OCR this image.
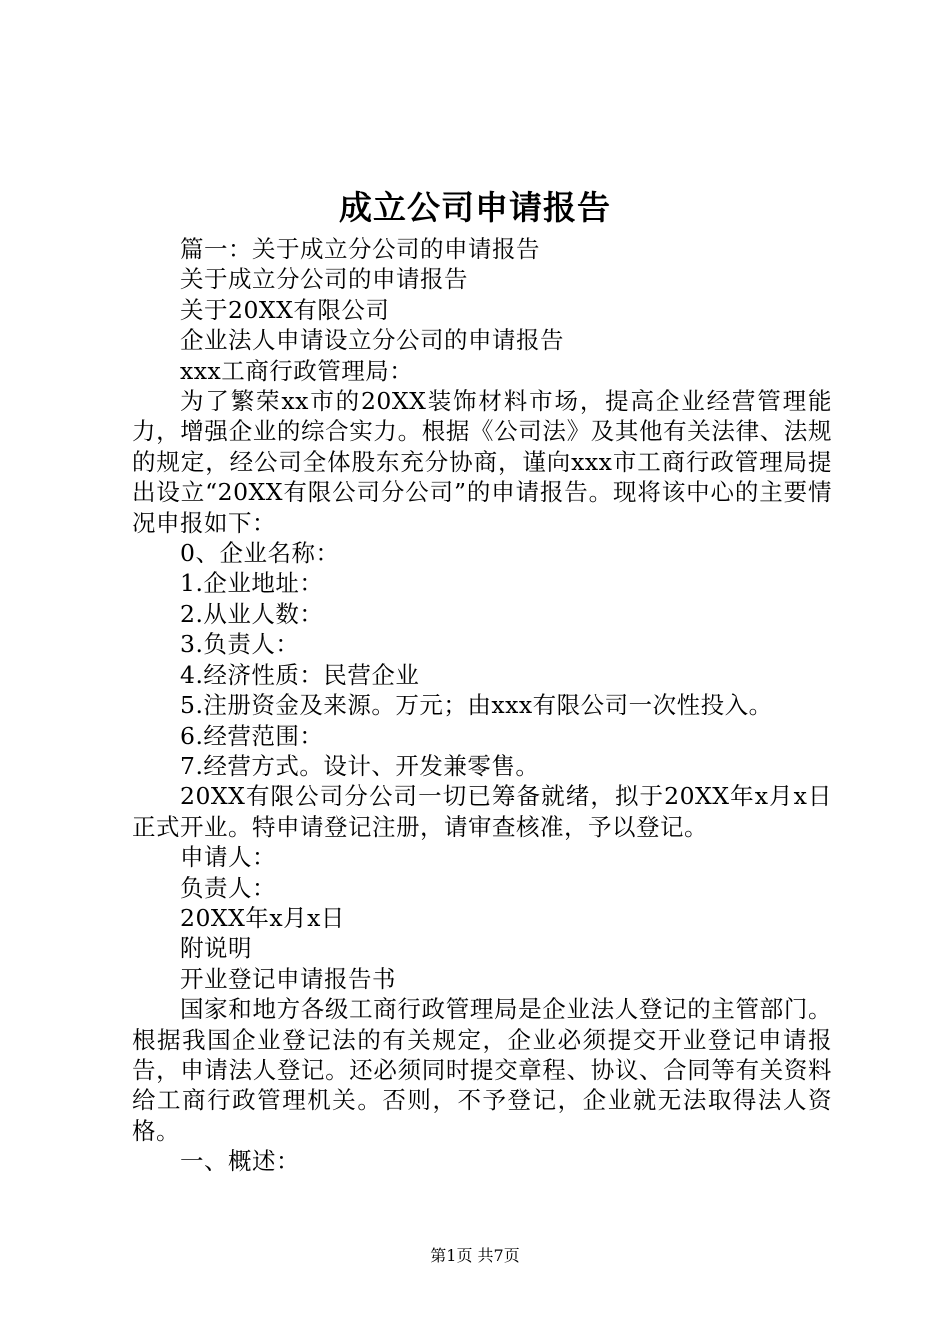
成立公司申请报告

篇一：关于成立分公司的申请报告

关于成立分公司的申请报告

关于20XX有限公司

企业法人申请设立分公司的申请报告

xxx工商行政管理局：

为了繁荣xx市的20XX装饰材料市场，提高企业经营管理能力，增强企业的综合实力。根据《公司法》及其他有关法律、法规的规定，经公司全体股东充分协商，谨向xxx市工商行政管理局提出设立“20XX有限公司分公司”的申请报告。现将该中心的主要情况申报如下：

0、企业名称：

1.企业地址：

2.从业人数：

3.负责人：

4.经济性质：民营企业

5.注册资金及来源。万元；由xxx有限公司一次性投入。

6.经营范围：

7.经营方式。设计、开发兼零售。

20XX有限公司分公司一切已筹备就绪，拟于20XX年x月x日正式开业。特申请登记注册，请审查核准，予以登记。

申请人：

负责人：

20XX年x月x日

附说明

开业登记申请报告书

国家和地方各级工商行政管理局是企业法人登记的主管部门。根据我国企业登记法的有关规定，企业必须提交开业登记申请报告，申请法人登记。还必须同时提交章程、协议、合同等有关资料给工商行政管理机关。否则，不予登记，企业就无法取得法人资格。

一、概述：

第1页 共7页
